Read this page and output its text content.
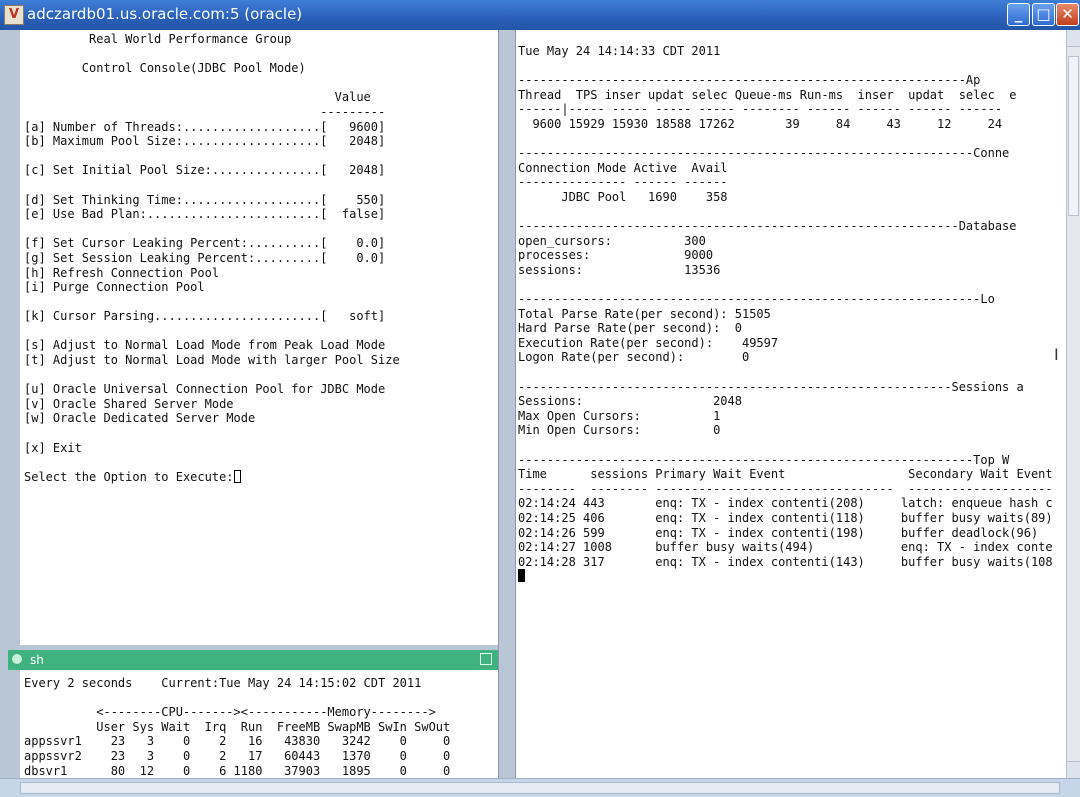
V adczardb01.us.oracle.com:5 (oracle)	_ □ ✕
Real World Performance Group

Control Console(JDBC Pool Mode)

Value
---------
[a] Number of Threads:...................[   9600]
[b] Maximum Pool Size:...................[   2048]

[c] Set Initial Pool Size:...............[   2048]

[d] Set Thinking Time:...................[    550]
[e] Use Bad Plan:........................[  false]

[f] Set Cursor Leaking Percent:..........[    0.0]
[g] Set Session Leaking Percent:.........[    0.0]
[h] Refresh Connection Pool
[i] Purge Connection Pool

[k] Cursor Parsing.......................[   soft]

[s] Adjust to Normal Load Mode from Peak Load Mode
[t] Adjust to Normal Load Mode with larger Pool Size

[u] Oracle Universal Connection Pool for JDBC Mode
[v] Oracle Shared Server Mode
[w] Oracle Dedicated Server Mode

[x] Exit

Select the Option to Execute:
sh
Every 2 seconds    Current:Tue May 24 14:15:02 CDT 2011

<--------CPU-------><-----------Memory-------->
User Sys Wait  Irq  Run  FreeMB SwapMB SwIn SwOut
appssvr1    23   3    0    2   16   43830   3242    0     0
appssvr2    23   3    0    2   17   60443   1370    0     0
dbsvr1      80  12    0    6 1180   37903   1895    0     0
Tue May 24 14:14:33 CDT 2011

--------------------------------------------------------------Ap
Thread  TPS inser updat selec Queue-ms Run-ms  inser  updat  selec  e
------|----- ----- ----- ----- -------- ------ ------ ------ ------
9600 15929 15930 18588 17262       39     84     43     12     24

---------------------------------------------------------------Conne
Connection Mode Active  Avail
--------------- ------ ------
JDBC Pool   1690    358

-------------------------------------------------------------Database
open_cursors:          300
processes:             9000
sessions:              13536

----------------------------------------------------------------Lo
Total Parse Rate(per second): 51505
Hard Parse Rate(per second):  0
Execution Rate(per second):    49597
Logon Rate(per second):        0

------------------------------------------------------------Sessions a
Sessions:                  2048
Max Open Cursors:          1
Min Open Cursors:          0

---------------------------------------------------------------Top W
Time      sessions Primary Wait Event                 Secondary Wait Event
--------  -------- ---------------------------------  --------------------
02:14:24 443       enq: TX - index contenti(208)     latch: enqueue hash c
02:14:25 406       enq: TX - index contenti(118)     buffer busy waits(89)
02:14:26 599       enq: TX - index contenti(198)     buffer deadlock(96)
02:14:27 1008      buffer busy waits(494)            enq: TX - index conte
02:14:28 317       enq: TX - index contenti(143)     buffer busy waits(108

I
